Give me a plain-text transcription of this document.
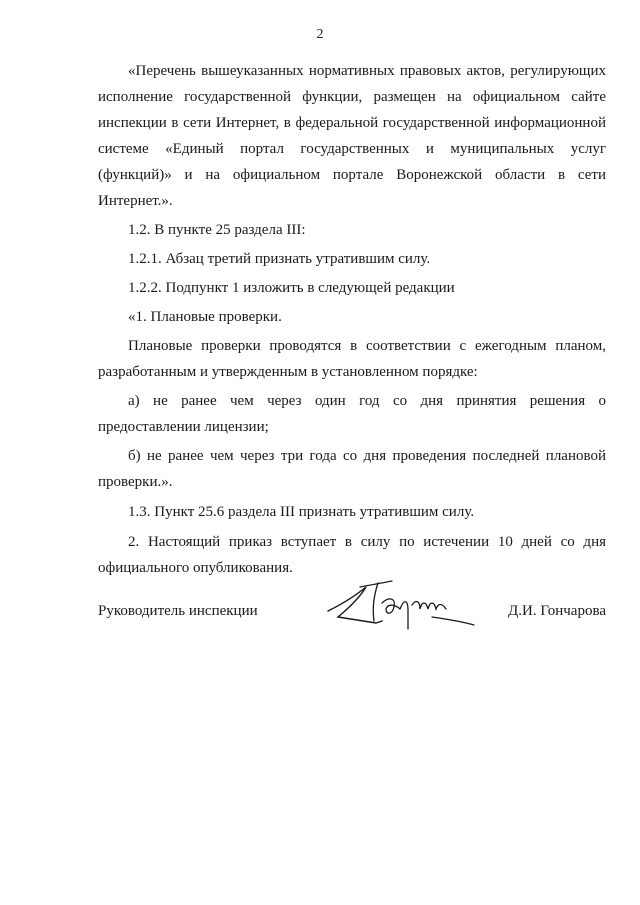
2

«Перечень вышеуказанных нормативных правовых актов, регулирующих исполнение государственной функции, размещен на официальном сайте инспекции в сети Интернет, в федеральной государственной информационной системе «Единый портал государственных и муниципальных услуг (функций)» и на официальном портале Воронежской области в сети Интернет.».

1.2. В пункте 25 раздела III:

1.2.1. Абзац третий признать утратившим силу.

1.2.2. Подпункт 1 изложить в следующей редакции

«1. Плановые проверки.

Плановые проверки проводятся в соответствии с ежегодным планом, разработанным и утвержденным в установленном порядке:

а) не ранее чем через один год со дня принятия решения о предоставлении лицензии;

б) не ранее чем через три года со дня проведения последней плановой проверки.».

1.3. Пункт 25.6 раздела III признать утратившим силу.

2. Настоящий приказ вступает в силу по истечении 10 дней со дня официального опубликования.

Руководитель инспекции	Д.И. Гончарова
